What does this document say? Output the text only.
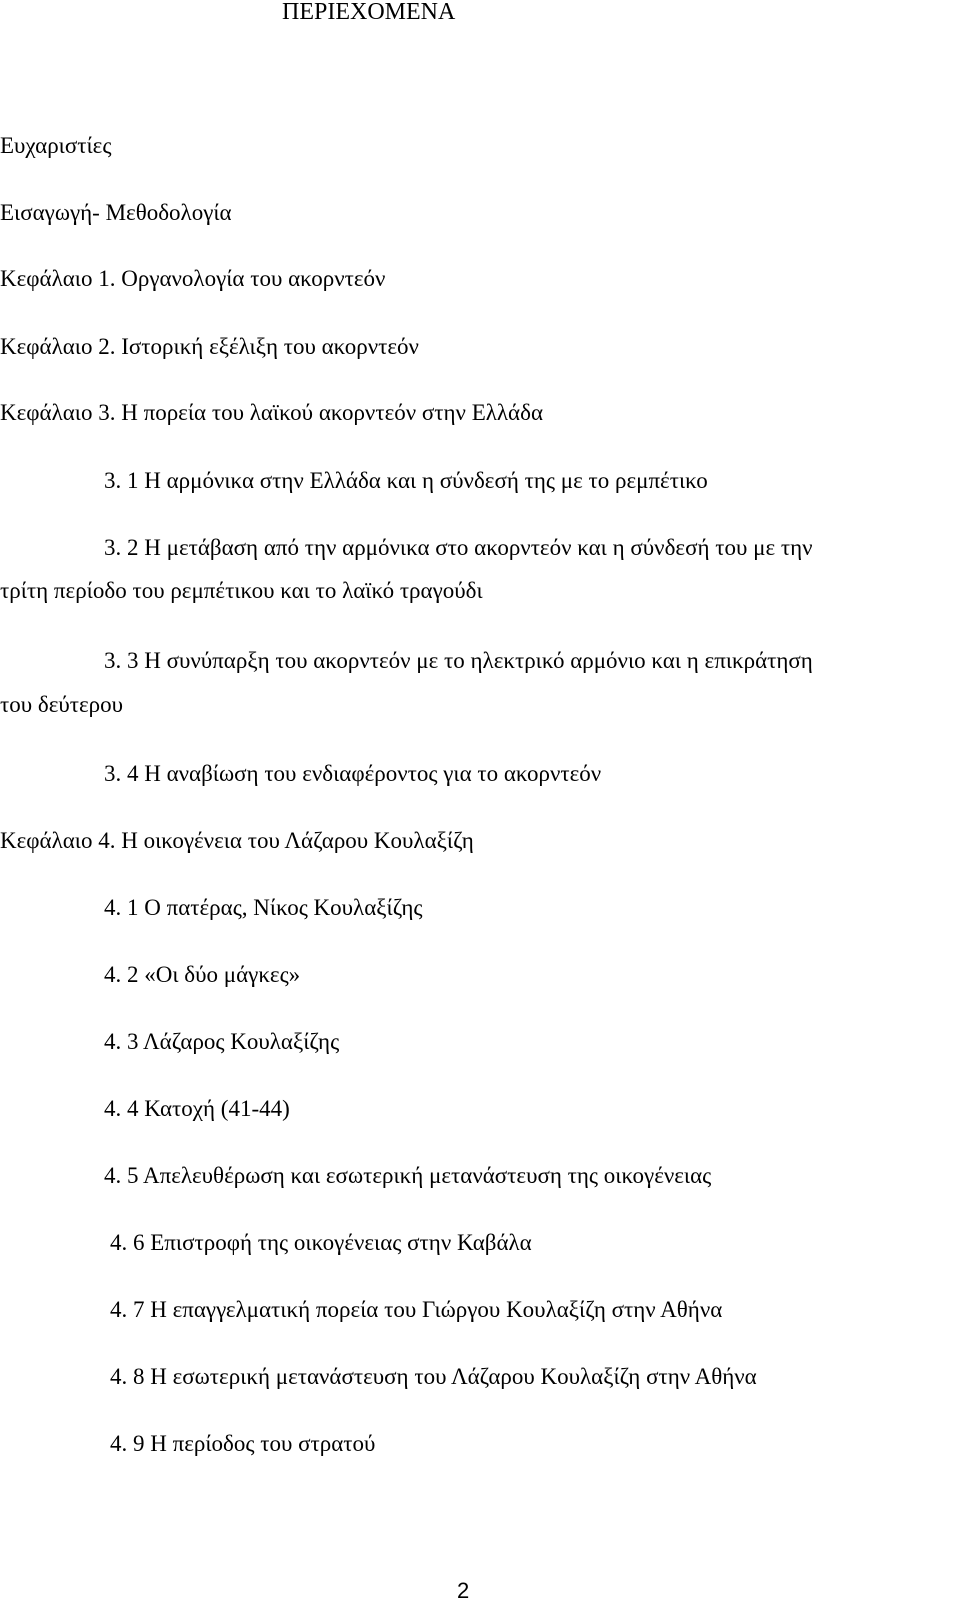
ΠΕΡΙΕΧΟΜΕΝΑ
Ευχαριστίες
Εισαγωγή- Μεθοδολογία
Κεφάλαιο 1. Οργανολογία του ακορντεόν
Κεφάλαιο 2. Ιστορική εξέλιξη του ακορντεόν
Κεφάλαιο 3. Η πορεία του λαϊκού ακορντεόν στην Ελλάδα
3. 1 Η αρμόνικα στην Ελλάδα και η σύνδεσή της με το ρεμπέτικο
3. 2 Η μετάβαση από την αρμόνικα στο ακορντεόν και η σύνδεσή του με την
τρίτη περίοδο του ρεμπέτικου και το λαϊκό τραγούδι
3. 3 Η συνύπαρξη του ακορντεόν με το ηλεκτρικό αρμόνιο και η επικράτηση
του δεύτερου
3. 4 Η αναβίωση του ενδιαφέροντος για το ακορντεόν
Κεφάλαιο 4. Η οικογένεια του Λάζαρου Κουλαξίζη
4. 1 Ο πατέρας, Νίκος Κουλαξίζης
4. 2 «Οι δύο μάγκες»
4. 3 Λάζαρος Κουλαξίζης
4. 4 Κατοχή (41-44)
4. 5 Απελευθέρωση και εσωτερική μετανάστευση της οικογένειας
4. 6 Επιστροφή της οικογένειας στην Καβάλα
4. 7 Η επαγγελματική πορεία του Γιώργου Κουλαξίζη στην Αθήνα
4. 8 Η εσωτερική μετανάστευση του Λάζαρου Κουλαξίζη στην Αθήνα
4. 9 Η περίοδος του στρατού
2
